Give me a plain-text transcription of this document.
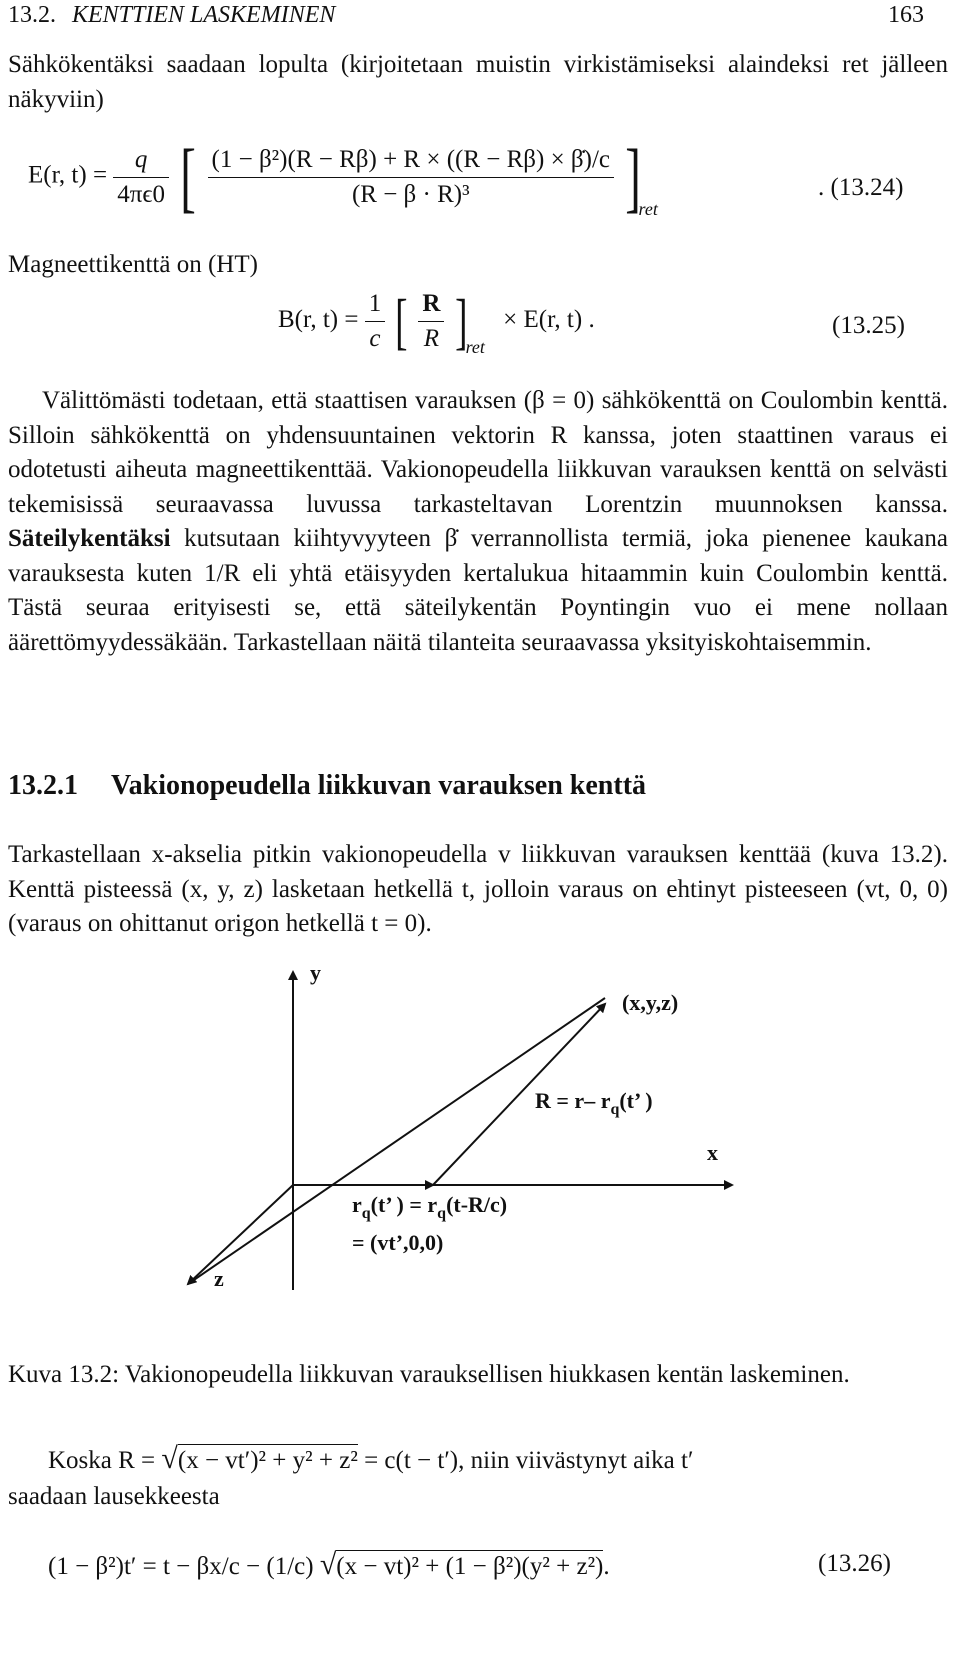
13.2. KENTTIEN LASKEMINEN	163
Sähkökentäksi saadaan lopulta (kirjoitetaan muistin virkistämiseksi alaindeksi ret jälleen näkyviin)
E(r, $t) = \frac{q}{4\pi\epsilon 0}$ [ $\frac{\text{(1 − β²)(R − Rβ) + R × ((R − Rβ) × β̇)/c}}{\text{(R − β · R)³}}$ ] $_{ret}$
. (13.24)
Magneettikenttä on (HT)
B(r, $t) = \frac{1}{c}$ [ $\frac{R}{R}$ ] $_{ret}$ × E(r, t) .	(13.25)
Välittömästi todetaan, että staattisen varauksen (β = 0) sähkökenttä on Coulombin kenttä. Silloin sähkökenttä on yhdensuuntainen vektorin R kanssa, joten staattinen varaus ei odotetusti aiheuta magneettikenttää. Vakionopeudella liikkuvan varauksen kenttä on selvästi tekemisissä seuraavassa luvussa tarkasteltavan Lorentzin muunnoksen kanssa. Säteilykentäksi kutsutaan kiihtyvyyteen β̇ verrannollista termiä, joka pienenee kaukana varauksesta kuten 1/R eli yhtä etäisyyden kertalukua hitaammin kuin Coulombin kenttä. Tästä seuraa erityisesti se, että säteilykentän Poyntingin vuo ei mene nollaan äärettömyydessäkään. Tarkastellaan näitä tilanteita seuraavassa yksityiskohtaisemmin.
13.2.1 Vakionopeudella liikkuvan varauksen kenttä
Tarkastellaan x-akselia pitkin vakionopeudella v liikkuvan varauksen kenttää (kuva 13.2). Kenttä pisteessä (x, y, z) lasketaan hetkellä t, jolloin varaus on ehtinyt pisteeseen (vt, 0, 0) (varaus on ohittanut origon hetkellä t = 0).
y
x
z
(x,y,z)
R = r– $r_q(t$’ )
$r_q(t$’ ) = $r_q(t-R/c)$
= (vt’,0,0)
Kuva 13.2: Vakionopeudella liikkuvan varauksellisen hiukkasen kentän laskeminen.
Koska R = √(x − vt′)² + y² + z² = c(t − t′), niin viivästynyt aika t′
saadaan lausekkeesta
(1 − β²)t′ = t − βx/c − (1/c) √(x − vt)² + (1 − β²)(y² + z²).	(13.26)
